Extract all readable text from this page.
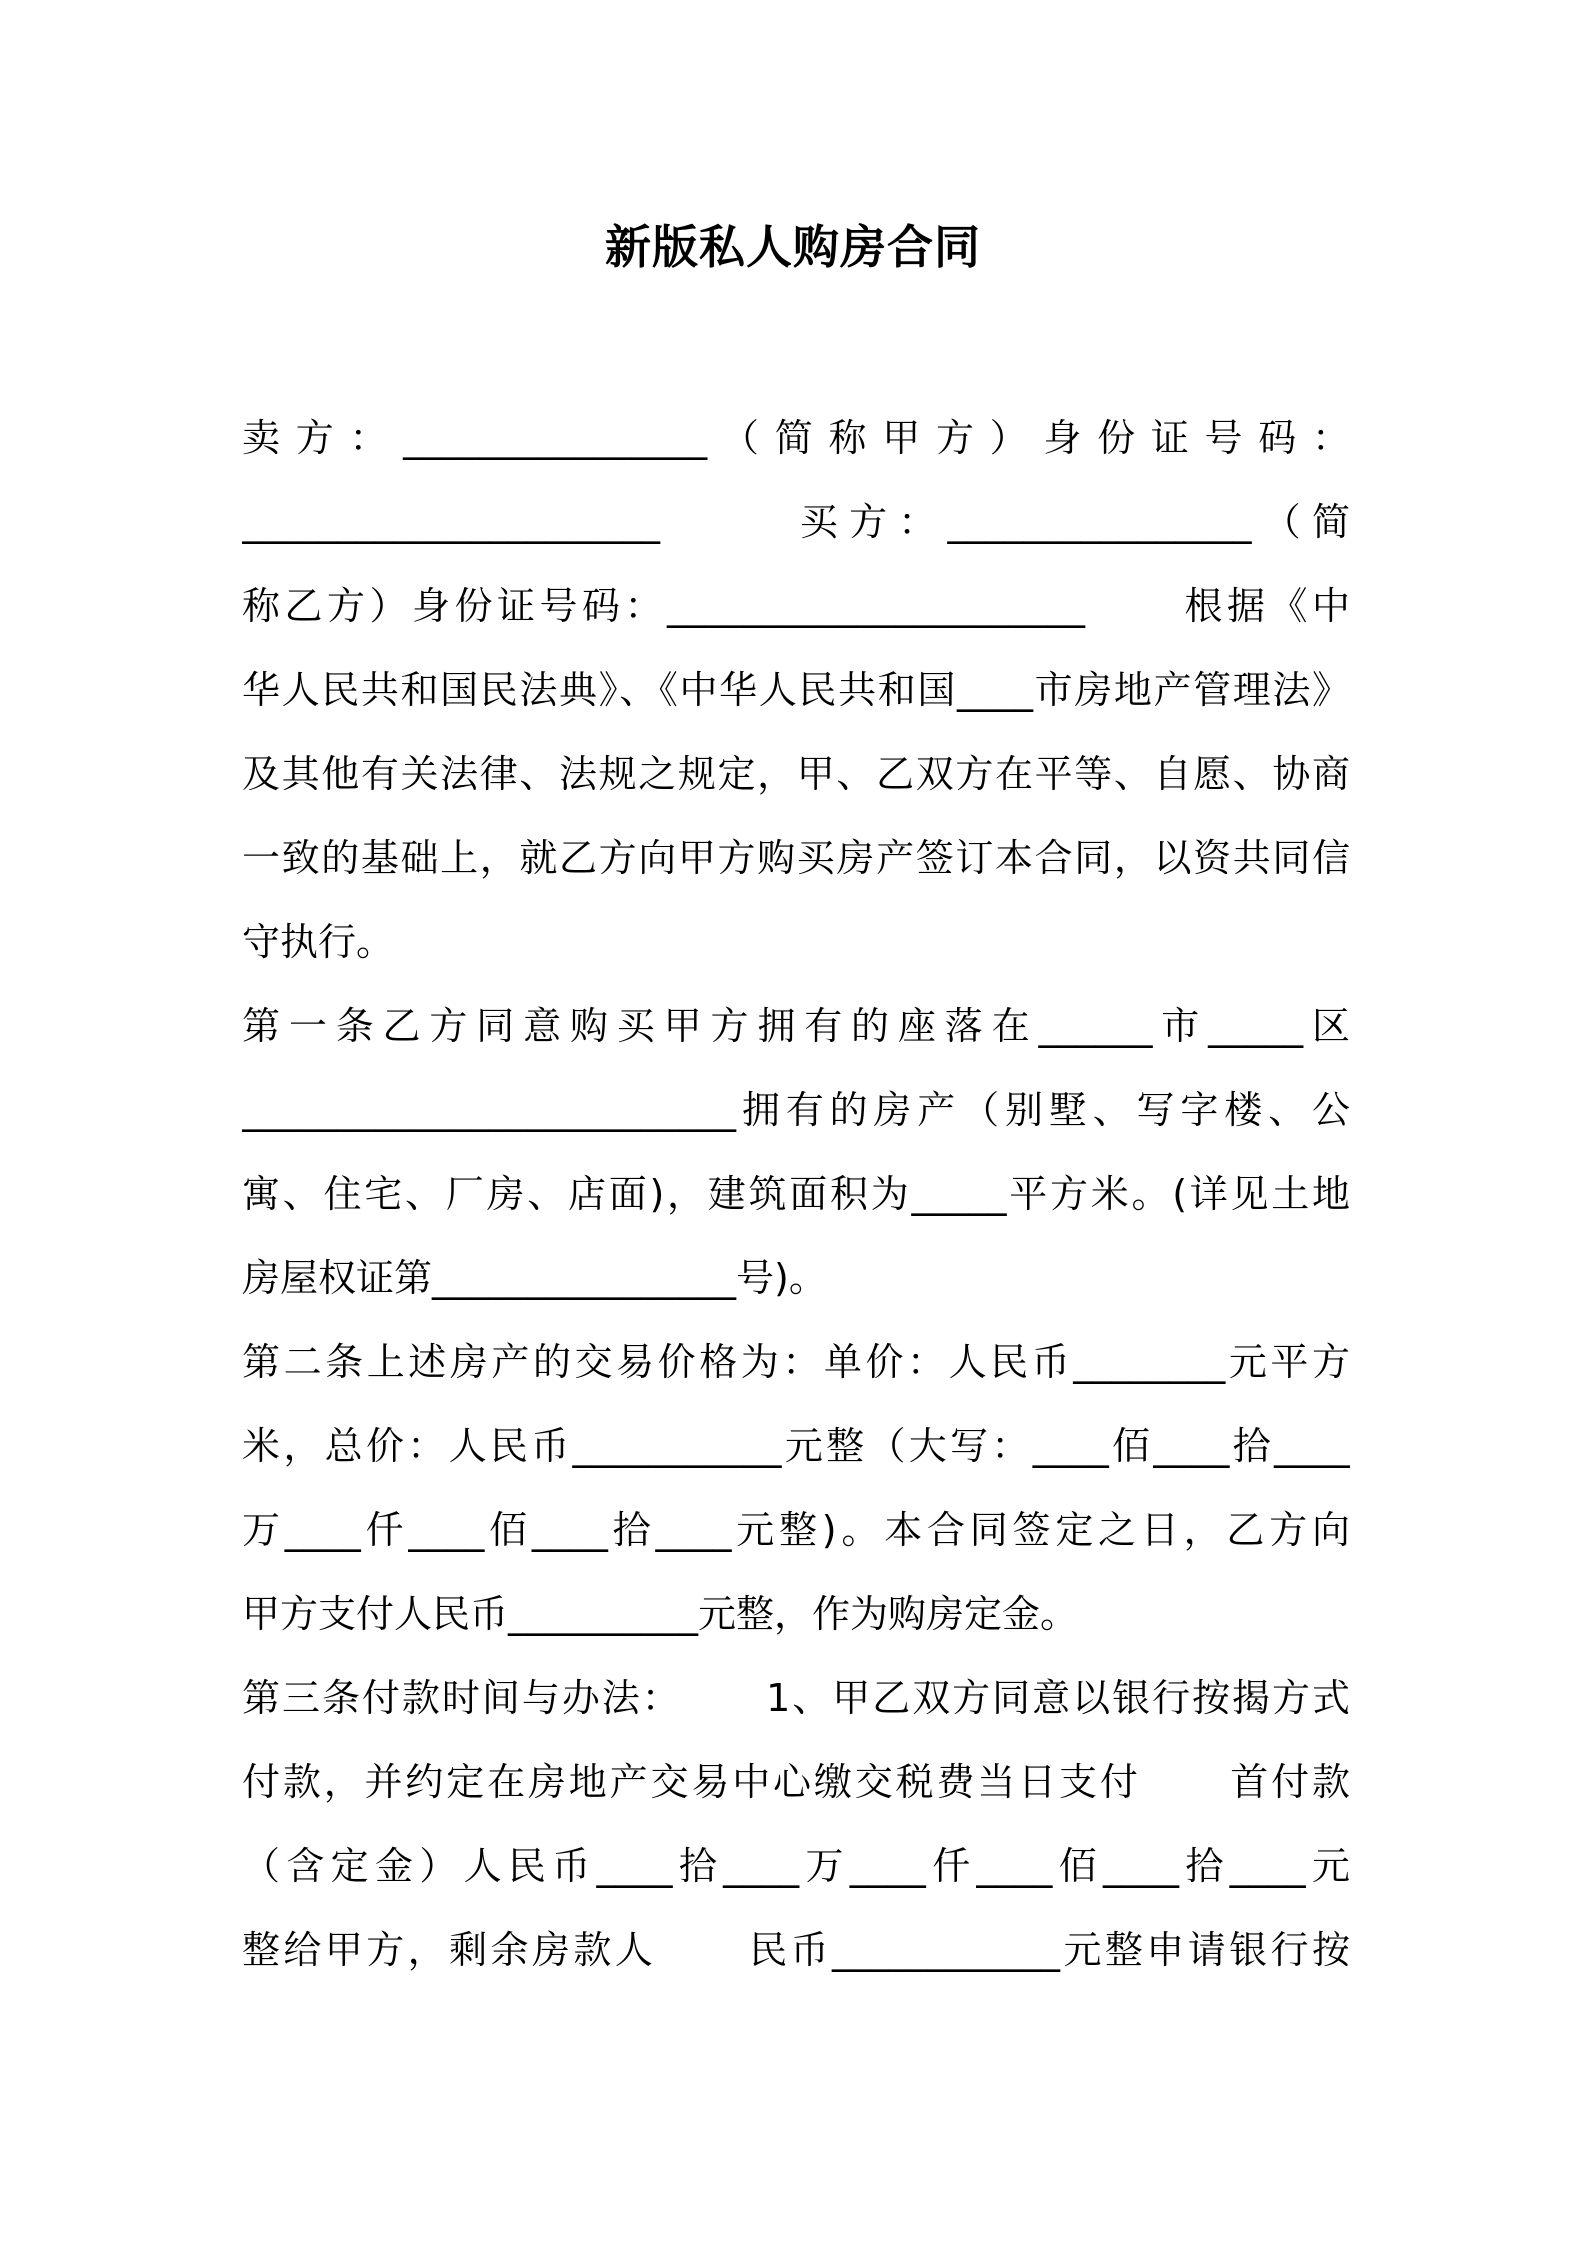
新版私人购房合同
卖 方 ： ________________ （ 简 称 甲 方 ） 身 份 证 号 码 ：
______________________      买方：________________（简
称乙方）身份证号码：______________________      根据《中
华人民共和国民法典》、《中华人民共和国____市房地产管理法》
及其他有关法律、法规之规定，甲、乙双方在平等、自愿、协商
一致的基础上，就乙方向甲方购买房产签订本合同，以资共同信
守执行。
第一条乙方同意购买甲方拥有的座落在______市_____区
__________________________拥有的房产（别墅、写字楼、公
寓、住宅、厂房、店面)，建筑面积为_____平方米。(详见土地
房屋权证第________________号)。
第二条上述房产的交易价格为：单价：人民币________元平方
米，总价：人民币___________元整（大写：____佰____拾____
万____仟____佰____拾____元整)。本合同签定之日，乙方向
甲方支付人民币__________元整，作为购房定金。
第三条付款时间与办法：      1、甲乙双方同意以银行按揭方式
付款，并约定在房地产交易中心缴交税费当日支付      首付款
（含定金）人民币____拾____万____仟____佰____拾____元
整给甲方，剩余房款人      民币____________元整申请银行按
